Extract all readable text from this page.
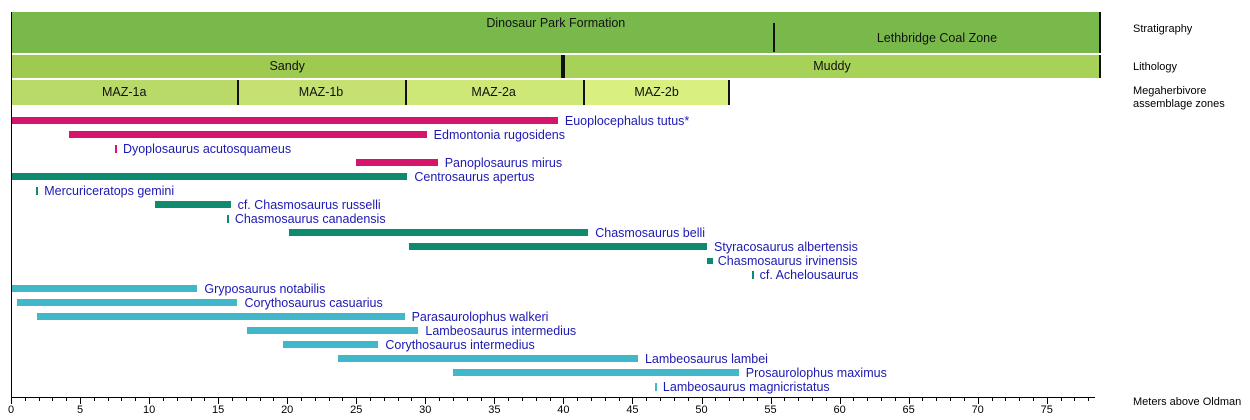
Dinosaur Park Formation
Lethbridge Coal Zone
Sandy	Muddy
MAZ-1a	MAZ-1b	MAZ-2a	MAZ-2b
Euoplocephalus tutus*
Edmontonia rugosidens
Dyoplosaurus acutosquameus
Panoplosaurus mirus
Centrosaurus apertus
Mercuriceratops gemini
cf. Chasmosaurus russelli
Chasmosaurus canadensis
Chasmosaurus belli
Styracosaurus albertensis
Chasmosaurus irvinensis
cf. Achelousaurus
Gryposaurus notabilis
Corythosaurus casuarius
Parasaurolophus walkeri
Lambeosaurus intermedius
Corythosaurus intermedius
Lambeosaurus lambei
Prosaurolophus maximus
Lambeosaurus magnicristatus
0	5	10	15	20	25	30	35	40	45	50	55	60	65	70	75
Stratigraphy
Lithology
Megaherbivore
assemblage zones
Meters above Oldman
